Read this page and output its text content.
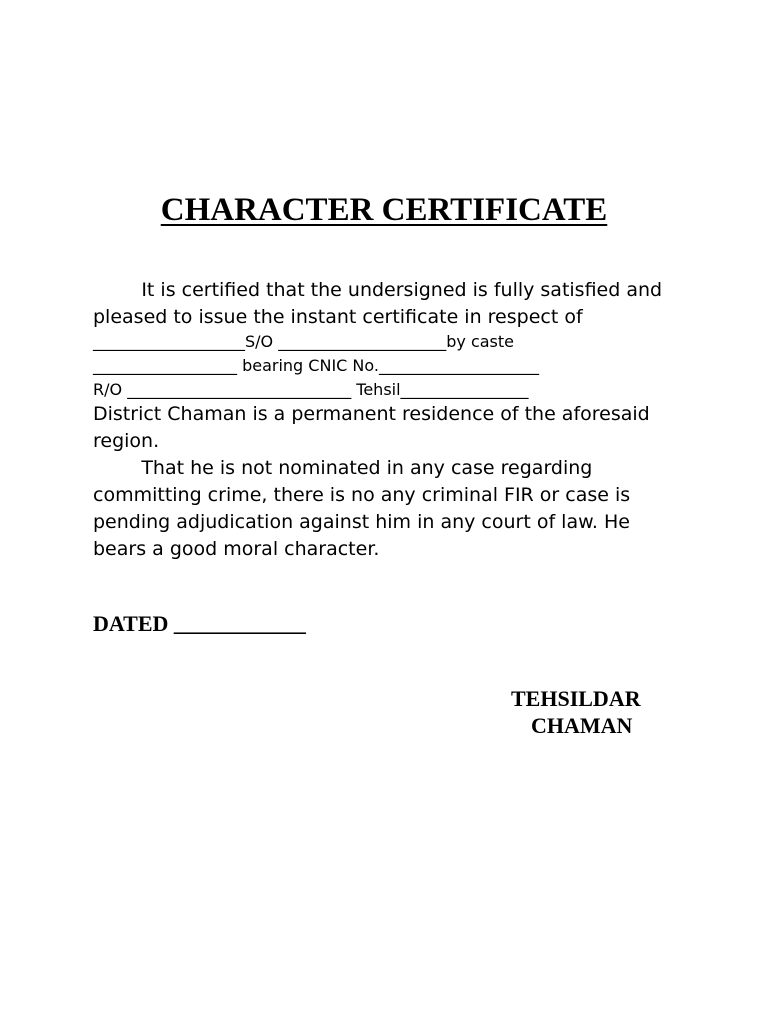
CHARACTER CERTIFICATE

It is certified that the undersigned is fully satisfied and

pleased to issue the instant certificate in respect of

___________________S/O _____________________by caste

__________________ bearing CNIC No.____________________

R/O ____________________________ Tehsil________________

District Chaman is a permanent residence of the aforesaid

region.

That he is not nominated in any case regarding

committing crime, there is no any criminal FIR or case is

pending adjudication against him in any court of law. He

bears a good moral character.

DATED ____________

TEHSILDAR

CHAMAN
